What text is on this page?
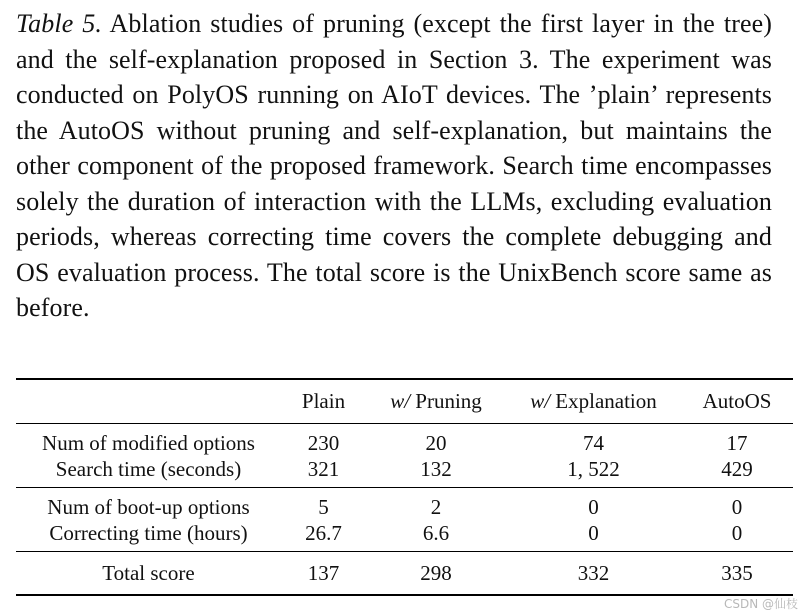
Table 5. Ablation studies of pruning (except the first layer in the tree) and the self-explanation proposed in Section 3. The experiment was conducted on PolyOS running on AIoT devices. The ’plain’ represents the AutoOS without pruning and self-explanation, but maintains the other component of the proposed framework. Search time encompasses solely the duration of interaction with the LLMs, excluding evaluation periods, whereas correcting time covers the complete debugging and OS evaluation process. The total score is the UnixBench score same as before.
	Plain	w/ Pruning	w/ Explanation	AutoOS
Num of modified options	230	20	74	17
Search time (seconds)	321	132	1, 522	429
Num of boot-up options	5	2	0	0
Correcting time (hours)	26.7	6.6	0	0
Total score	137	298	332	335
CSDN @仙枝
